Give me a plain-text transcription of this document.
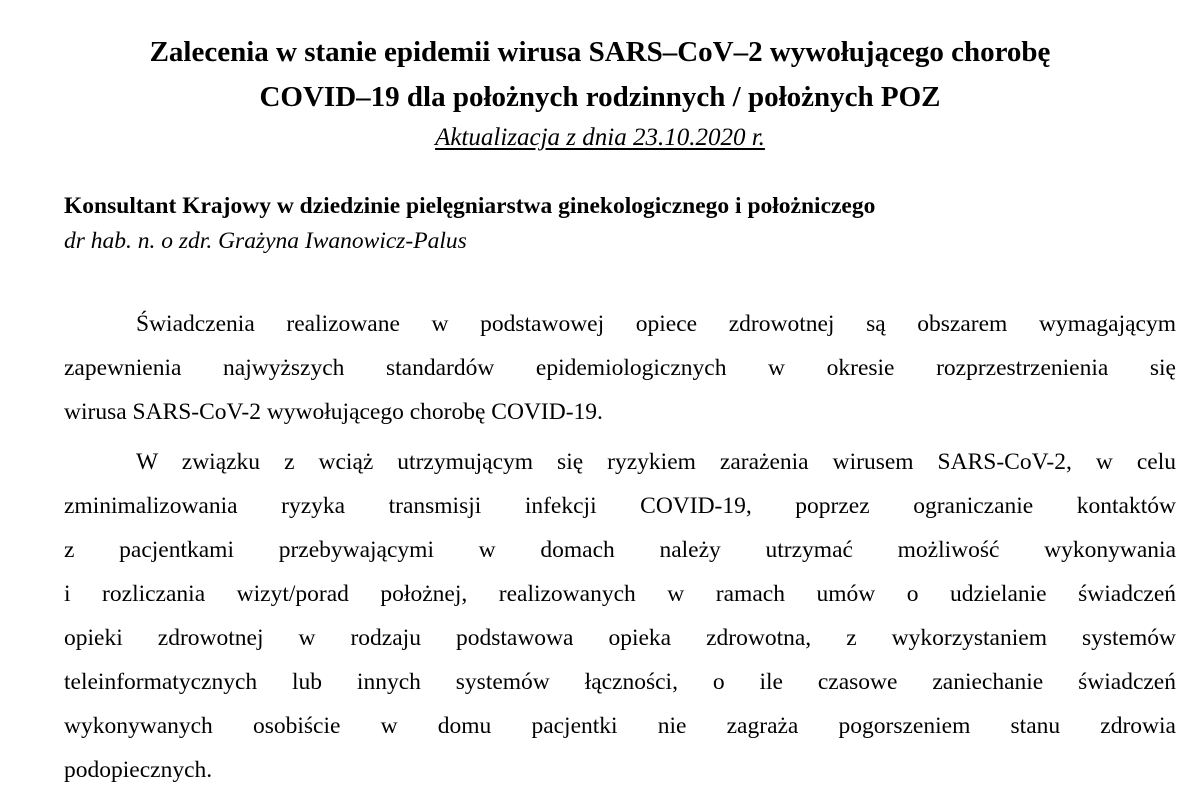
Zalecenia w stanie epidemii wirusa SARS–CoV–2 wywołującego chorobę
COVID–19 dla położnych rodzinnych / położnych POZ
Aktualizacja z dnia 23.10.2020 r.
Konsultant Krajowy w dziedzinie pielęgniarstwa ginekologicznego i położniczego
dr hab. n. o zdr. Grażyna Iwanowicz-Palus
Świadczenia realizowane w podstawowej opiece zdrowotnej są obszarem wymagającym
zapewnienia najwyższych standardów epidemiologicznych w okresie rozprzestrzenienia się
wirusa SARS-CoV-2 wywołującego chorobę COVID-19.
W związku z wciąż utrzymującym się ryzykiem zarażenia wirusem SARS-CoV-2, w celu
zminimalizowania ryzyka transmisji infekcji COVID-19, poprzez ograniczanie kontaktów
z pacjentkami przebywającymi w domach należy utrzymać możliwość wykonywania
i rozliczania wizyt/porad położnej, realizowanych w ramach umów o udzielanie świadczeń
opieki zdrowotnej w rodzaju podstawowa opieka zdrowotna, z wykorzystaniem systemów
teleinformatycznych lub innych systemów łączności, o ile czasowe zaniechanie świadczeń
wykonywanych osobiście w domu pacjentki nie zagraża pogorszeniem stanu zdrowia
podopiecznych.
